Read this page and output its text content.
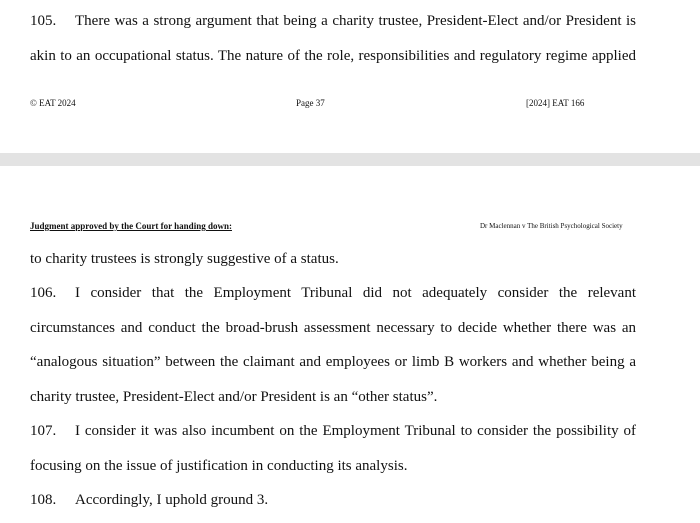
105. There was a strong argument that being a charity trustee, President-Elect and/or President is
akin to an occupational status. The nature of the role, responsibilities and regulatory regime applied
© EAT 2024	Page 37	[2024] EAT 166
Judgment approved by the Court for handing down:	Dr Maclennan v The British Psychological Society
to charity trustees is strongly suggestive of a status.
106. I consider that the Employment Tribunal did not adequately consider the relevant
circumstances and conduct the broad-brush assessment necessary to decide whether there was an
“analogous situation” between the claimant and employees or limb B workers and whether being a
charity trustee, President-Elect and/or President is an “other status”.
107. I consider it was also incumbent on the Employment Tribunal to consider the possibility of
focusing on the issue of justification in conducting its analysis.
108. Accordingly, I uphold ground 3.
